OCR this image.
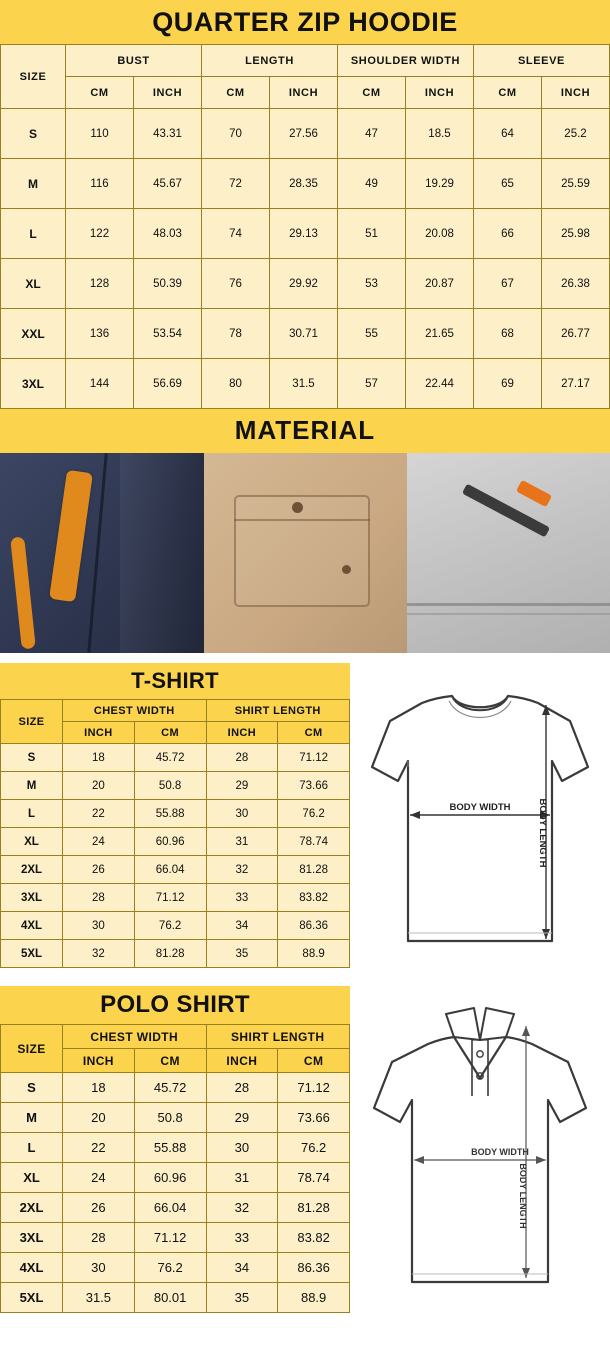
QUARTER ZIP HOODIE
SIZE	BUST		LENGTH		SHOULDER WIDTH		SLEEVE	
	CM	INCH	CM	INCH	CM	INCH	CM	INCH
S	110	43.31	70	27.56	47	18.5	64	25.2
M	116	45.67	72	28.35	49	19.29	65	25.59
L	122	48.03	74	29.13	51	20.08	66	25.98
XL	128	50.39	76	29.92	53	20.87	67	26.38
XXL	136	53.54	78	30.71	55	21.65	68	26.77
3XL	144	56.69	80	31.5	57	22.44	69	27.17
MATERIAL
T-SHIRT
SIZE	CHEST WIDTH		SHIRT LENGTH	
	INCH	CM	INCH	CM
S	18	45.72	28	71.12
M	20	50.8	29	73.66
L	22	55.88	30	76.2
XL	24	60.96	31	78.74
2XL	26	66.04	32	81.28
3XL	28	71.12	33	83.82
4XL	30	76.2	34	86.36
5XL	32	81.28	35	88.9
BODY WIDTH	BODY LENGTH
POLO SHIRT
SIZE	CHEST WIDTH		SHIRT LENGTH	
	INCH	CM	INCH	CM
S	18	45.72	28	71.12
M	20	50.8	29	73.66
L	22	55.88	30	76.2
XL	24	60.96	31	78.74
2XL	26	66.04	32	81.28
3XL	28	71.12	33	83.82
4XL	30	76.2	34	86.36
5XL	31.5	80.01	35	88.9
BODY WIDTH
BODY LENGTH
